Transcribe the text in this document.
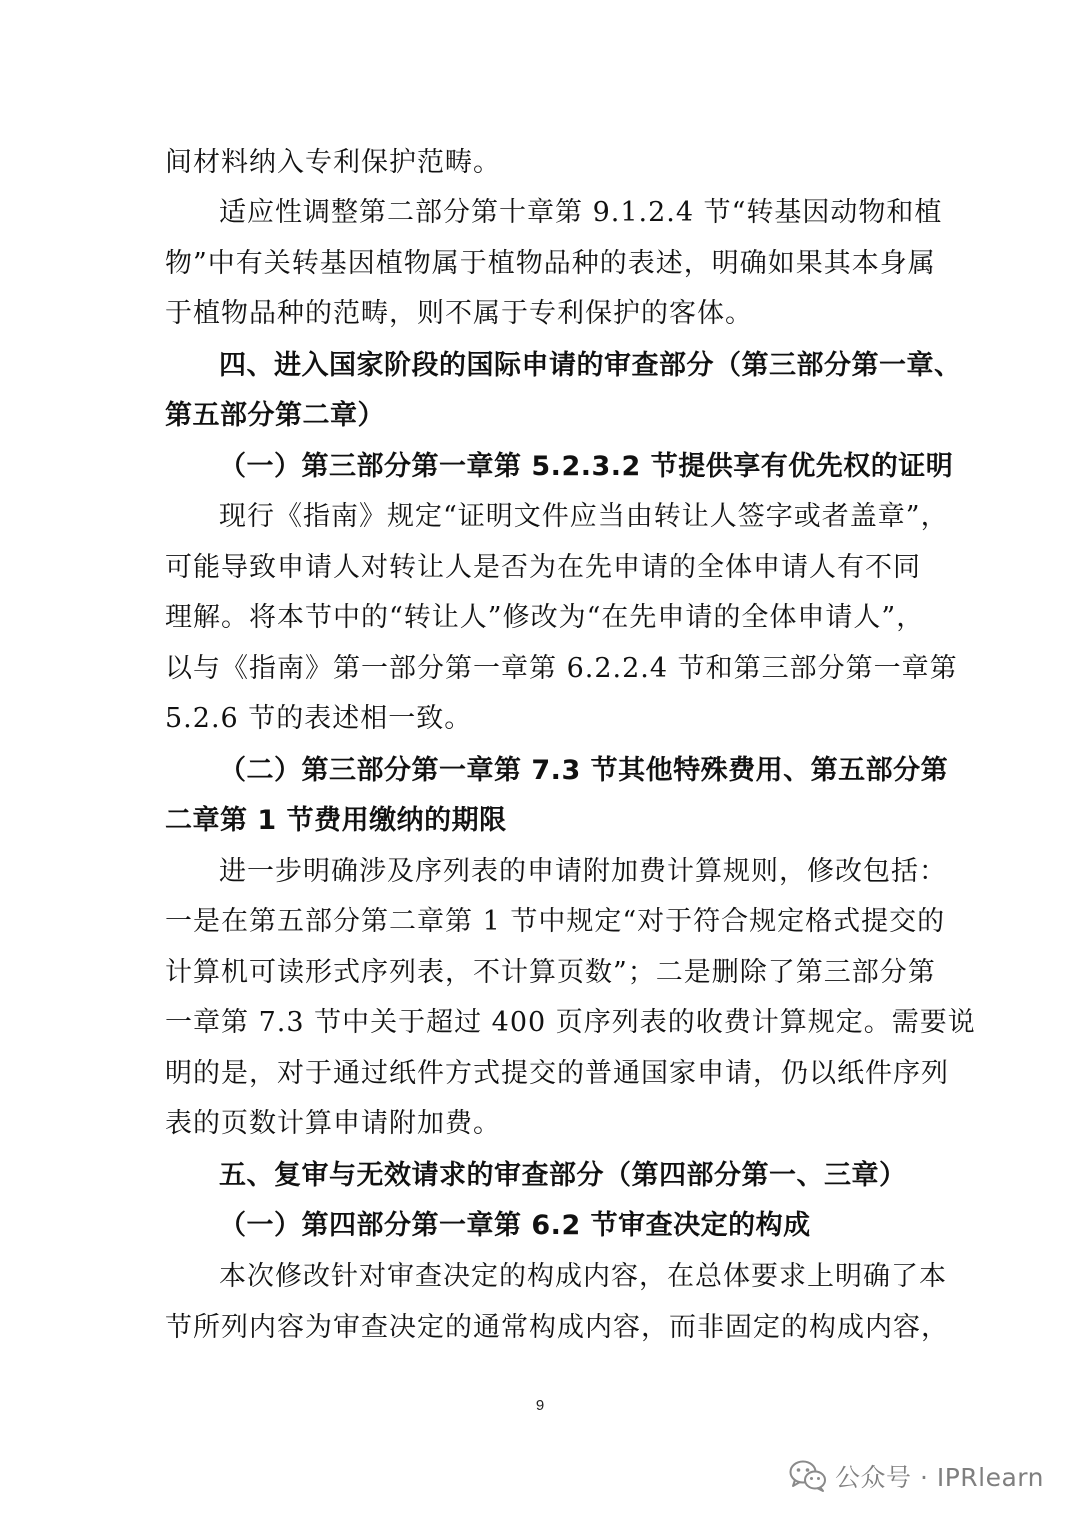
间材料纳入专利保护范畴。
适应性调整第二部分第十章第 9.1.2.4 节“转基因动物和植
物”中有关转基因植物属于植物品种的表述，明确如果其本身属
于植物品种的范畴，则不属于专利保护的客体。
四、进入国家阶段的国际申请的审查部分（第三部分第一章、
第五部分第二章）
（一）第三部分第一章第 5.2.3.2 节提供享有优先权的证明
现行《指南》规定“证明文件应当由转让人签字或者盖章”，
可能导致申请人对转让人是否为在先申请的全体申请人有不同
理解。将本节中的“转让人”修改为“在先申请的全体申请人”，
以与《指南》第一部分第一章第 6.2.2.4 节和第三部分第一章第
5.2.6 节的表述相一致。
（二）第三部分第一章第 7.3 节其他特殊费用、第五部分第
二章第 1 节费用缴纳的期限
进一步明确涉及序列表的申请附加费计算规则，修改包括：
一是在第五部分第二章第 1 节中规定“对于符合规定格式提交的
计算机可读形式序列表，不计算页数”；二是删除了第三部分第
一章第 7.3 节中关于超过 400 页序列表的收费计算规定。需要说
明的是，对于通过纸件方式提交的普通国家申请，仍以纸件序列
表的页数计算申请附加费。
五、复审与无效请求的审查部分（第四部分第一、三章）
（一）第四部分第一章第 6.2 节审查决定的构成
本次修改针对审查决定的构成内容，在总体要求上明确了本
节所列内容为审查决定的通常构成内容，而非固定的构成内容，
9
公众号 · IPRlearn
